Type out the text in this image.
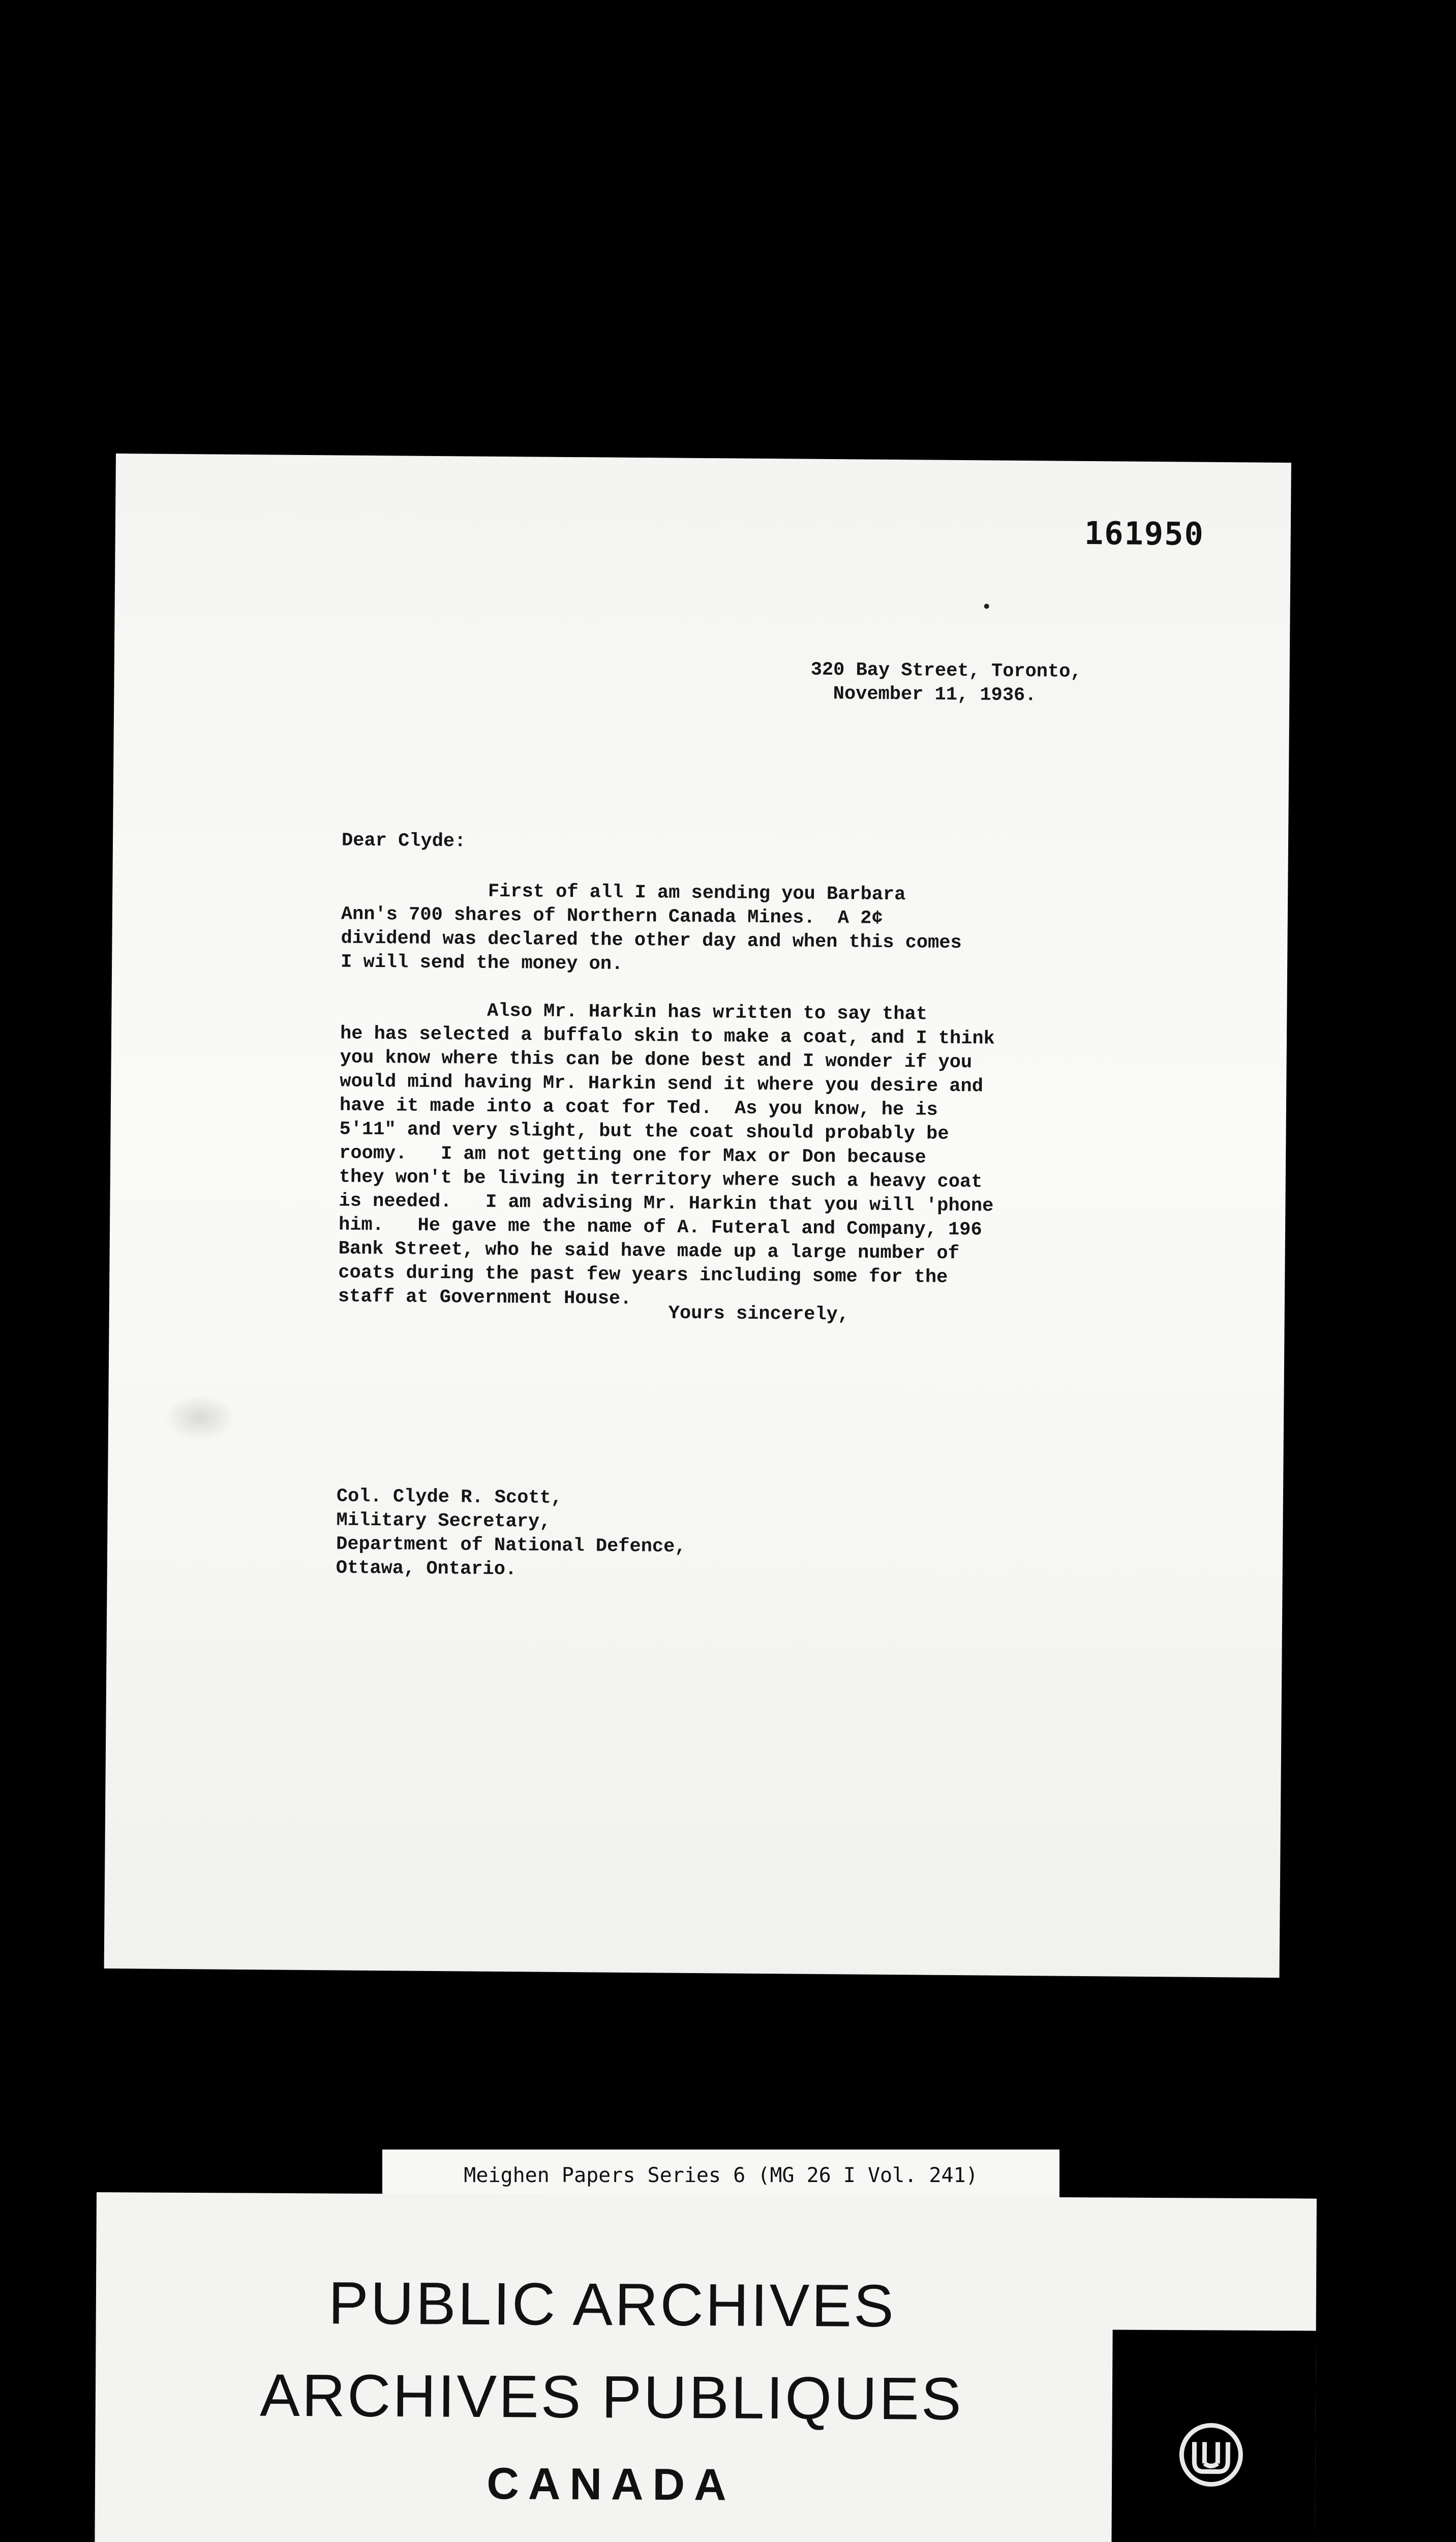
161950
320 Bay Street, Toronto,
November 11, 1936.
Dear Clyde:
First of all I am sending you Barbara
Ann's 700 shares of Northern Canada Mines.  A 2¢
dividend was declared the other day and when this comes
I will send the money on.
Also Mr. Harkin has written to say that
he has selected a buffalo skin to make a coat, and I think
you know where this can be done best and I wonder if you
would mind having Mr. Harkin send it where you desire and
have it made into a coat for Ted.  As you know, he is
5'11" and very slight, but the coat should probably be
roomy.   I am not getting one for Max or Don because
they won't be living in territory where such a heavy coat
is needed.   I am advising Mr. Harkin that you will 'phone
him.   He gave me the name of A. Futeral and Company, 196
Bank Street, who he said have made up a large number of
coats during the past few years including some for the
staff at Government House.
Yours sincerely,
Col. Clyde R. Scott,
Military Secretary,
Department of National Defence,
Ottawa, Ontario.
Meighen Papers Series 6 (MG 26 I Vol. 241)
PUBLIC ARCHIVES
ARCHIVES PUBLIQUES
CANADA
